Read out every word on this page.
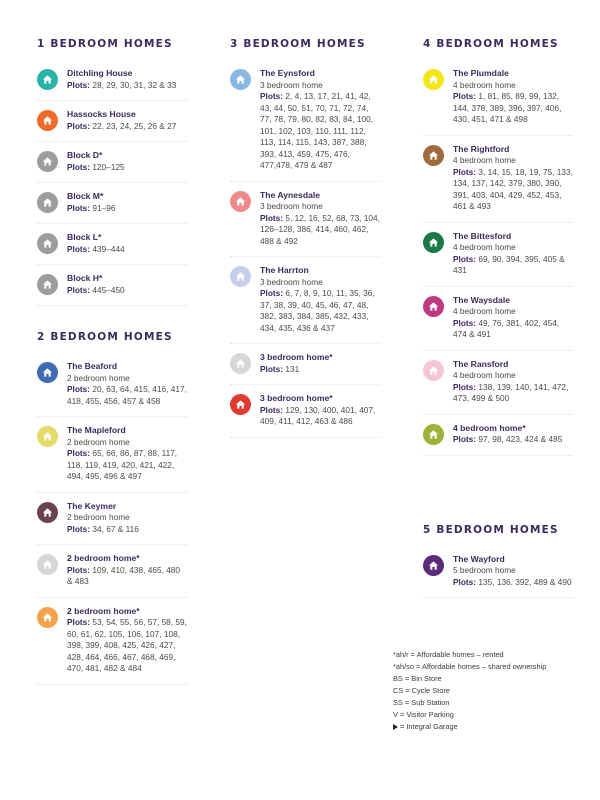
1 BEDROOM HOMES
Ditchling House
Plots: 28, 29, 30, 31, 32 & 33
Hassocks House
Plots: 22, 23, 24, 25, 26 & 27
Block D*
Plots: 120–125
Block M*
Plots: 91–96
Block L*
Plots: 439–444
Block H*
Plots: 445–450
2 BEDROOM HOMES
The Beaford
2 bedroom home
Plots: 20, 63, 64, 415, 416, 417, 418, 455, 456, 457 & 458
The Mapleford
2 bedroom home
Plots: 65, 66, 86, 87, 88, 117, 118, 119, 419, 420, 421, 422, 494, 495, 496 & 497
The Keymer
2 bedroom home
Plots: 34, 67 & 116
2 bedroom home*
Plots: 109, 410, 438, 465, 480 & 483
2 bedroom home*
Plots: 53, 54, 55, 56, 57, 58, 59, 60, 61, 62, 105, 106, 107, 108, 398, 399, 408, 425, 426, 427, 428, 464, 466, 467, 468, 469, 470, 481, 482 & 484
3 BEDROOM HOMES
The Eynsford
3 bedroom home
Plots: 2, 4, 13, 17, 21, 41, 42, 43, 44, 50, 51, 70, 71, 72, 74, 77, 78, 79, 80, 82, 83, 84, 100, 101, 102, 103, 110, 111, 112, 113, 114, 115, 143, 387, 388, 393, 413, 459, 475, 476, 477,478, 479 & 487
The Aynesdale
3 bedroom home
Plots: 5, 12, 16, 52, 68, 73, 104, 126–128, 386, 414, 460, 462, 488 & 492
The Harrton
3 bedroom home
Plots: 6, 7, 8, 9, 10, 11, 35, 36, 37, 38, 39, 40, 45, 46, 47, 48, 382, 383, 384, 385, 432, 433, 434, 435, 436 & 437
3 bedroom home*
Plots: 131
3 bedroom home*
Plots: 129, 130, 400, 401, 407, 409, 411, 412, 463 & 486
4 BEDROOM HOMES
The Plumdale
4 bedroom home
Plots: 1, 81, 85, 89, 99, 132, 144, 378, 389, 396, 397, 406, 430, 451, 471 & 498
The Rightford
4 bedroom home
Plots: 3, 14, 15, 18, 19, 75, 133, 134, 137, 142, 379, 380, 390, 391, 403, 404, 429, 452, 453, 461 & 493
The Bittesford
4 bedroom home
Plots: 69, 90, 394, 395, 405 & 431
The Waysdale
4 bedroom home
Plots: 49, 76, 381, 402, 454, 474 & 491
The Ransford
4 bedroom home
Plots: 138, 139, 140, 141, 472, 473, 499 & 500
4 bedroom home*
Plots: 97, 98, 423, 424 & 485
5 BEDROOM HOMES
The Wayford
5 bedroom home
Plots: 135, 136, 392, 489 & 490
*ah/r = Affordable homes – rented
*ah/so = Affordable homes – shared ownership
BS = Bin Store
CS = Cycle Store
SS = Sub Station
V = Visitor Parking
= Integral Garage
